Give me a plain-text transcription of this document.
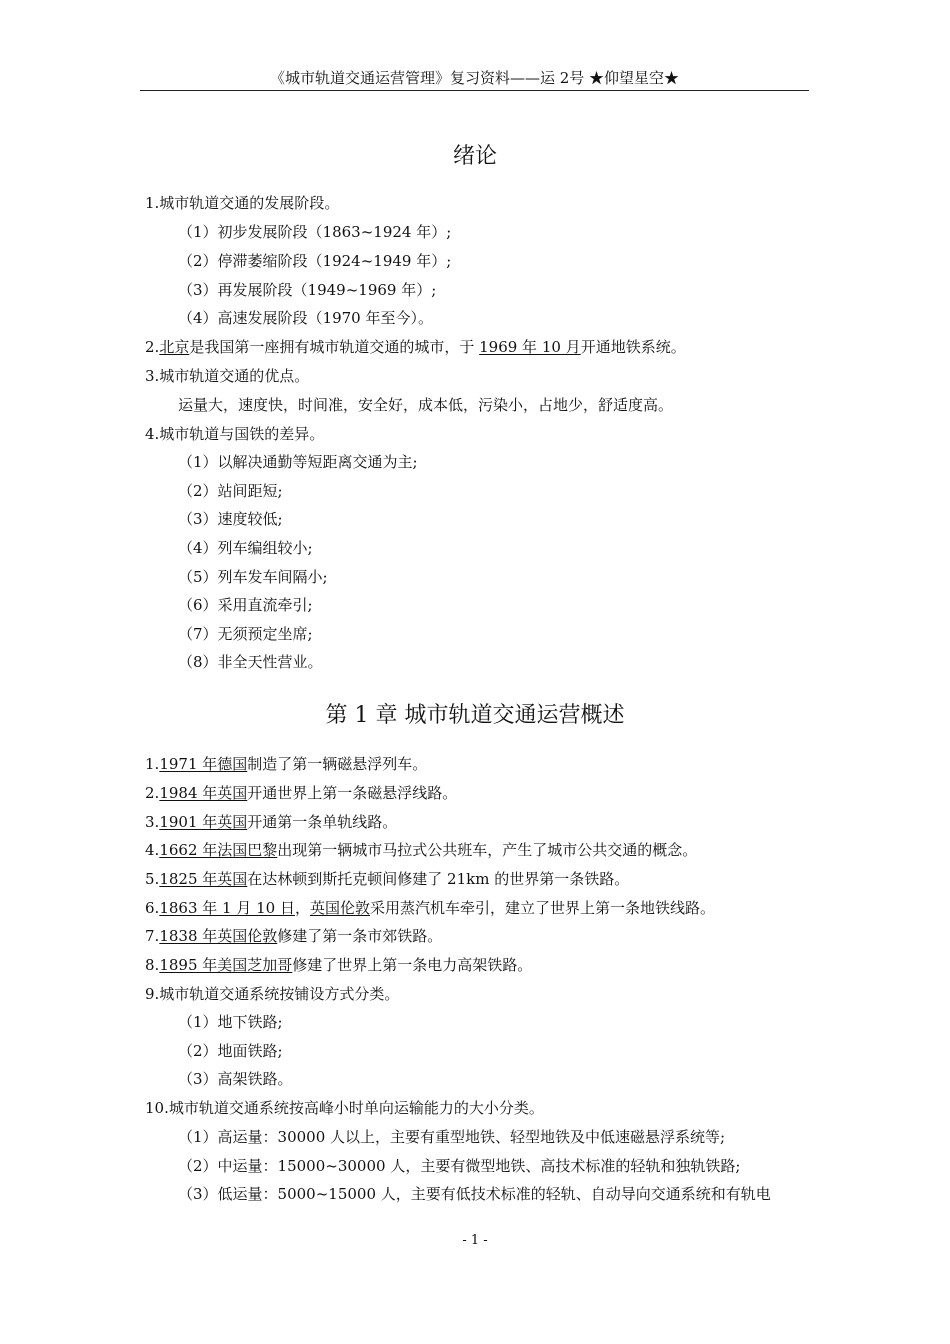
《城市轨道交通运营管理》复习资料——运 2号 ★仰望星空★
绪论
1.城市轨道交通的发展阶段。
（1）初步发展阶段（1863~1924 年）;
（2）停滞萎缩阶段（1924~1949 年）;
（3）再发展阶段（1949~1969 年）;
（4）高速发展阶段（1970 年至今）。
2.北京是我国第一座拥有城市轨道交通的城市，于 1969 年 10 月开通地铁系统。
3.城市轨道交通的优点。
运量大，速度快，时间准，安全好，成本低，污染小，占地少，舒适度高。
4.城市轨道与国铁的差异。
（1）以解决通勤等短距离交通为主;
（2）站间距短;
（3）速度较低;
（4）列车编组较小;
（5）列车发车间隔小;
（6）采用直流牵引;
（7）无须预定坐席;
（8）非全天性营业。
第 1 章 城市轨道交通运营概述
1.1971 年德国制造了第一辆磁悬浮列车。
2.1984 年英国开通世界上第一条磁悬浮线路。
3.1901 年英国开通第一条单轨线路。
4.1662 年法国巴黎出现第一辆城市马拉式公共班车，产生了城市公共交通的概念。
5.1825 年英国在达林顿到斯托克顿间修建了 21km 的世界第一条铁路。
6.1863 年 1 月 10 日，英国伦敦采用蒸汽机车牵引，建立了世界上第一条地铁线路。
7.1838 年英国伦敦修建了第一条市郊铁路。
8.1895 年美国芝加哥修建了世界上第一条电力高架铁路。
9.城市轨道交通系统按铺设方式分类。
（1）地下铁路;
（2）地面铁路;
（3）高架铁路。
10.城市轨道交通系统按高峰小时单向运输能力的大小分类。
（1）高运量：30000 人以上，主要有重型地铁、轻型地铁及中低速磁悬浮系统等;
（2）中运量：15000~30000 人，主要有微型地铁、高技术标准的轻轨和独轨铁路;
（3）低运量：5000~15000 人，主要有低技术标准的轻轨、自动导向交通系统和有轨电
- 1 -
